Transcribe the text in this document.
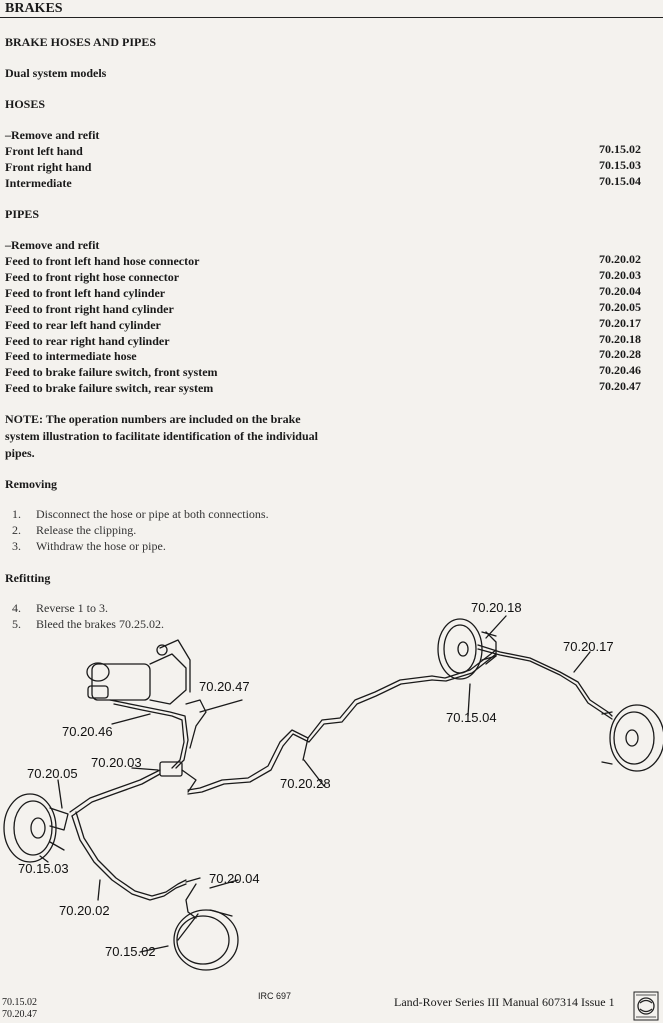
BRAKES
BRAKE HOSES AND PIPES
Dual system models
HOSES
–Remove and refit
Front left hand	70.15.02
Front right hand	70.15.03
Intermediate	70.15.04
PIPES
–Remove and refit
Feed to front left hand hose connector	70.20.02
Feed to front right hose connector	70.20.03
Feed to front left hand cylinder	70.20.04
Feed to front right hand cylinder	70.20.05
Feed to rear left hand cylinder	70.20.17
Feed to rear right hand cylinder	70.20.18
Feed to intermediate hose	70.20.28
Feed to brake failure switch, front system	70.20.46
Feed to brake failure switch, rear system	70.20.47
NOTE: The operation numbers are included on the brake
system illustration to facilitate identification of the individual
pipes.
Removing
1. Disconnect the hose or pipe at both connections.
2. Release the clipping.
3. Withdraw the hose or pipe.
Refitting
4. Reverse 1 to 3.
5. Bleed the brakes 70.25.02.
70.20.18
70.20.17
70.20.47
70.15.04
70.20.46
70.20.03
70.20.05
70.20.28
70.15.03
70.20.04
70.20.02
70.15.02
IRC 697	Land-Rover Series III Manual 607314 Issue 1
70.15.02
70.20.47
